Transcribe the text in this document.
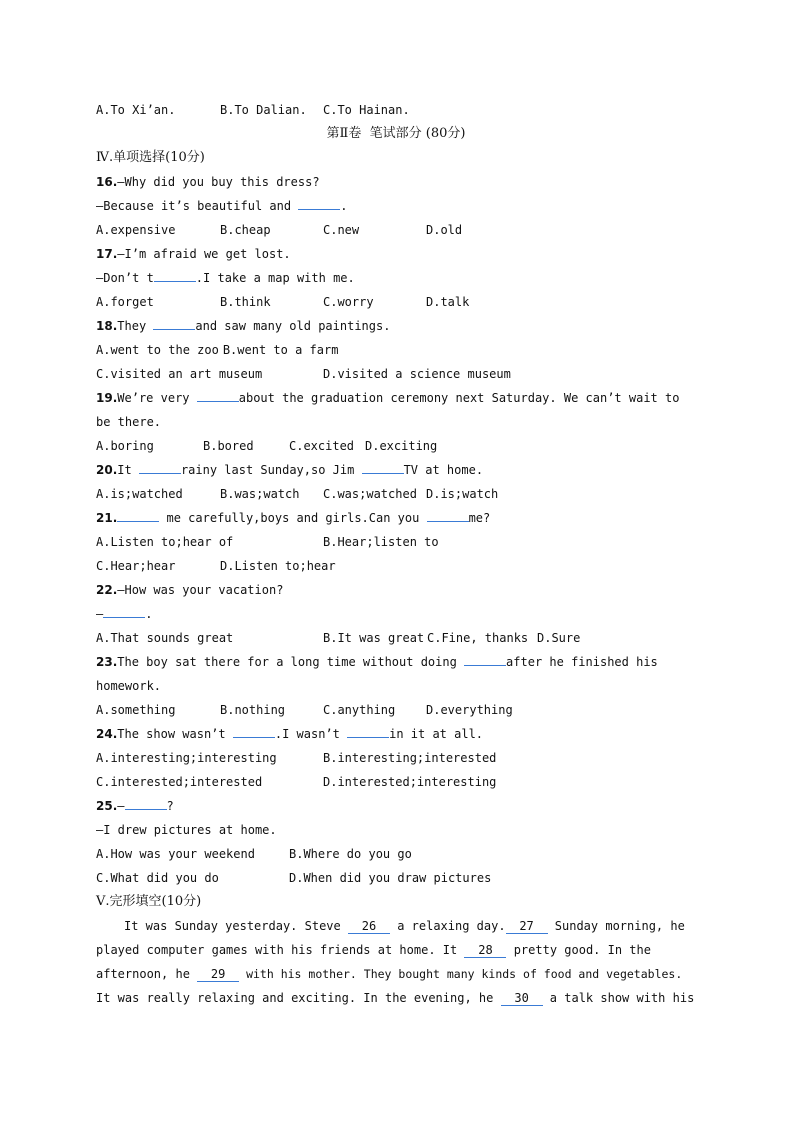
A.To Xi’an.	B.To Dalian. C.To Hainan.
第Ⅱ卷  笔试部分 (80分)
Ⅳ.单项选择(10分)
16.—Why did you buy this dress?
—Because it’s beautiful and	.
A.expensive	B.cheap	C.new	D.old
17.—I’m afraid we get lost.
—Don’t t	.I take a map with me.
A.forget	B.think	C.worry	D.talk
18.They	and saw many old paintings.
A.went to the zoo B.went to a farm
C.visited an art museum	D.visited a science museum
19.We’re very	about the graduation ceremony next Saturday. We can’t wait to
be there.
A.boring	B.bored	C.excited D.exciting
20.It	rainy last Sunday,so Jim	TV at home.
A.is;watched	B.was;watch C.was;watched D.is;watch
21.	me carefully,boys and girls.Can you	me?
A.Listen to;hear of	B.Hear;listen to
C.Hear;hear	D.Listen to;hear
22.—How was your vacation?
—	.
A.That sounds great	B.It was great C.Fine, thanks D.Sure
23.The boy sat there for a long time without doing	after he finished his
homework.
A.something	B.nothing	C.anything	D.everything
24.The show wasn’t	.I wasn’t	in it at all.
A.interesting;interesting	B.interesting;interested
C.interested;interested	D.interested;interesting
25.—	?
—I drew pictures at home.
A.How was your weekend	B.Where do you go
C.What did you do	D.When did you draw pictures
Ⅴ.完形填空(10分)
It was Sunday yesterday. Steve 26 a relaxing day. 27 Sunday morning, he
played computer games with his friends at home. It 28 pretty good. In the
afternoon, he 29 with his mother. They bought many kinds of food and vegetables.
It was really relaxing and exciting. In the evening, he 30 a talk show with his
